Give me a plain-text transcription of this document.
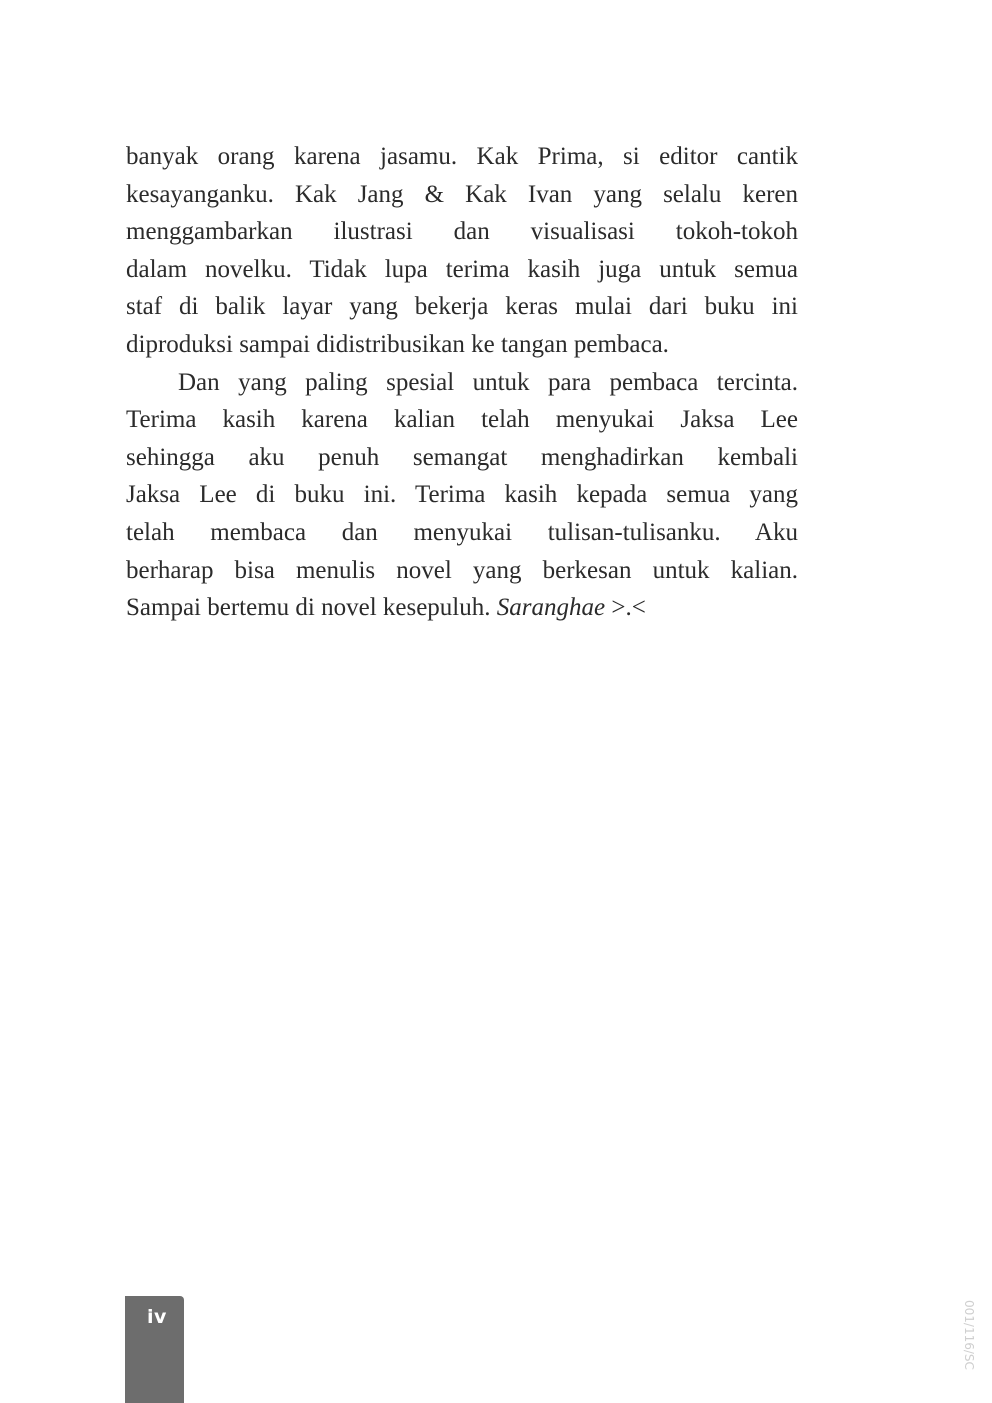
banyak orang karena jasamu. Kak Prima, si editor cantik
kesayanganku. Kak Jang & Kak Ivan yang selalu keren
menggambarkan ilustrasi dan visualisasi tokoh-tokoh
dalam novelku. Tidak lupa terima kasih juga untuk semua
staf di balik layar yang bekerja keras mulai dari buku ini
diproduksi sampai didistribusikan ke tangan pembaca.
Dan yang paling spesial untuk para pembaca tercinta.
Terima kasih karena kalian telah menyukai Jaksa Lee
sehingga aku penuh semangat menghadirkan kembali
Jaksa Lee di buku ini. Terima kasih kepada semua yang
telah membaca dan menyukai tulisan-tulisanku. Aku
berharap bisa menulis novel yang berkesan untuk kalian.
Sampai bertemu di novel kesepuluh. Saranghae >.<
iv	001/116/SC
